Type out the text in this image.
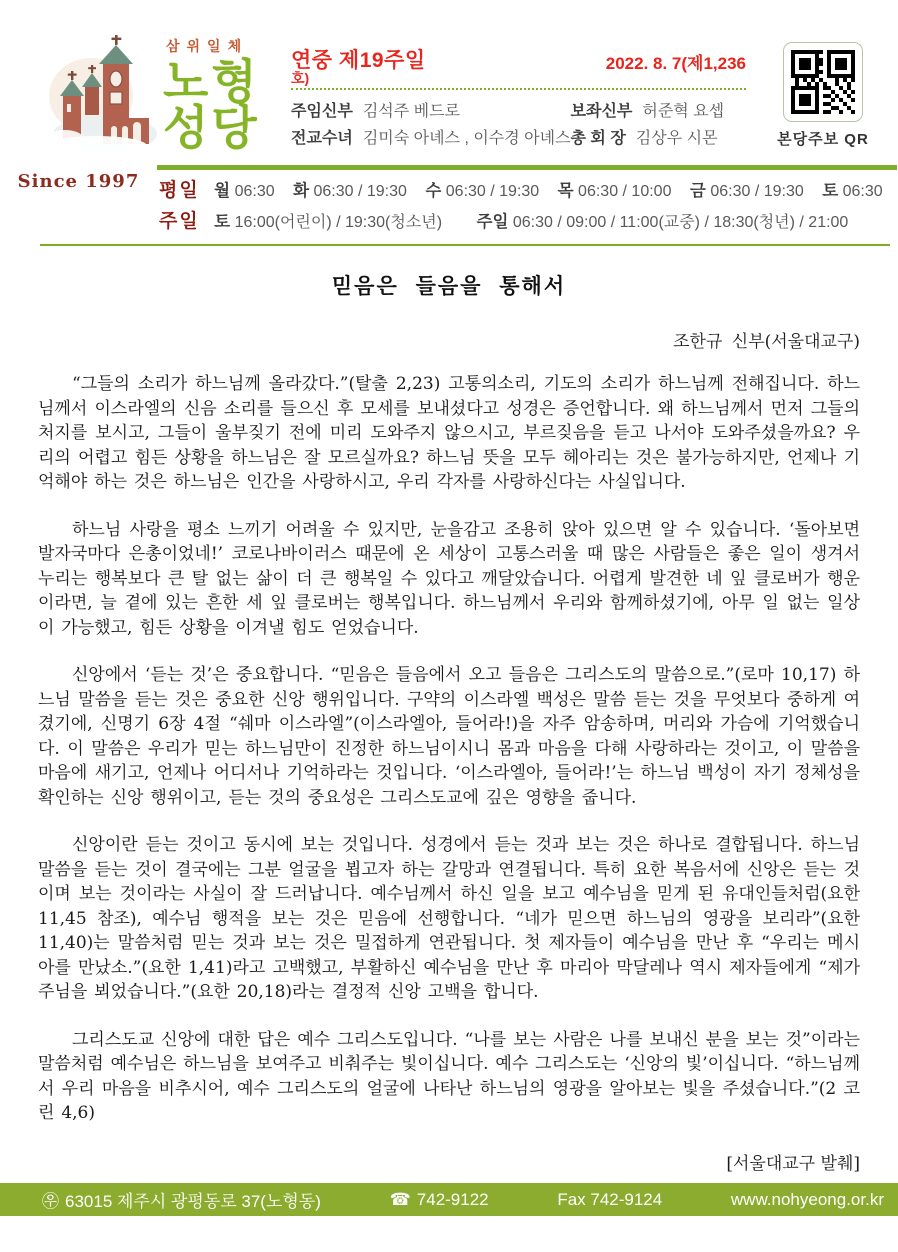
삼위일체
노형
성당
연중 제19주일	2022. 8. 7(제1,236
호)
주임신부 김석주 베드로	보좌신부 허준혁 요셉
전교수녀 김미숙 아녜스 , 이수경 아녜스 총 회 장 김상우 시몬	본당주보 QR
Since 1997	평일 월 06:30 화 06:30 / 19:30 수 06:30 / 19:30 목 06:30 / 10:00 금 06:30 / 19:30 토 06:30
주일 토 16:00(어린이) / 19:30(청소년) 주일 06:30 / 09:00 / 11:00(교중) / 18:30(청년) / 21:00
믿음은 들음을 통해서
조한규 신부(서울대교구)

“그들의 소리가 하느님께 올라갔다.”(탈출 2,23) 고통의소리, 기도의 소리가 하느님께 전해집니다. 하느님께서 이스라엘의 신음 소리를 들으신 후 모세를 보내셨다고 성경은 증언합니다. 왜 하느님께서 먼저 그들의 처지를 보시고, 그들이 울부짖기 전에 미리 도와주지 않으시고, 부르짖음을 듣고 나서야 도와주셨을까요? 우리의 어렵고 힘든 상황을 하느님은 잘 모르실까요? 하느님 뜻을 모두 헤아리는 것은 불가능하지만, 언제나 기억해야 하는 것은 하느님은 인간을 사랑하시고, 우리 각자를 사랑하신다는 사실입니다.

하느님 사랑을 평소 느끼기 어려울 수 있지만, 눈을감고 조용히 앉아 있으면 알 수 있습니다. ‘돌아보면 발자국마다 은총이었네!’ 코로나바이러스 때문에 온 세상이 고통스러울 때 많은 사람들은 좋은 일이 생겨서 누리는 행복보다 큰 탈 없는 삶이 더 큰 행복일 수 있다고 깨달았습니다. 어렵게 발견한 네 잎 클로버가 행운이라면, 늘 곁에 있는 흔한 세 잎 클로버는 행복입니다. 하느님께서 우리와 함께하셨기에, 아무 일 없는 일상이 가능했고, 힘든 상황을 이겨낼 힘도 얻었습니다.

신앙에서 ‘듣는 것’은 중요합니다. “믿음은 들음에서 오고 들음은 그리스도의 말씀으로.”(로마 10,17) 하느님 말씀을 듣는 것은 중요한 신앙 행위입니다. 구약의 이스라엘 백성은 말씀 듣는 것을 무엇보다 중하게 여겼기에, 신명기 6장 4절 “쉐마 이스라엘”(이스라엘아, 들어라!)을 자주 암송하며, 머리와 가슴에 기억했습니다. 이 말씀은 우리가 믿는 하느님만이 진정한 하느님이시니 몸과 마음을 다해 사랑하라는 것이고, 이 말씀을 마음에 새기고, 언제나 어디서나 기억하라는 것입니다. ‘이스라엘아, 들어라!’는 하느님 백성이 자기 정체성을 확인하는 신앙 행위이고, 듣는 것의 중요성은 그리스도교에 깊은 영향을 줍니다.

신앙이란 듣는 것이고 동시에 보는 것입니다. 성경에서 듣는 것과 보는 것은 하나로 결합됩니다. 하느님 말씀을 듣는 것이 결국에는 그분 얼굴을 뵙고자 하는 갈망과 연결됩니다. 특히 요한 복음서에 신앙은 듣는 것이며 보는 것이라는 사실이 잘 드러납니다. 예수님께서 하신 일을 보고 예수님을 믿게 된 유대인들처럼(요한 11,45 참조), 예수님 행적을 보는 것은 믿음에 선행합니다. “네가 믿으면 하느님의 영광을 보리라”(요한 11,40)는 말씀처럼 믿는 것과 보는 것은 밀접하게 연관됩니다. 첫 제자들이 예수님을 만난 후 “우리는 메시아를 만났소.”(요한 1,41)라고 고백했고, 부활하신 예수님을 만난 후 마리아 막달레나 역시 제자들에게 “제가 주님을 뵈었습니다.”(요한 20,18)라는 결정적 신앙 고백을 합니다.

그리스도교 신앙에 대한 답은 예수 그리스도입니다. “나를 보는 사람은 나를 보내신 분을 보는 것”이라는 말씀처럼 예수님은 하느님을 보여주고 비춰주는 빛이십니다. 예수 그리스도는 ‘신앙의 빛’이십니다. “하느님께서 우리 마음을 비추시어, 예수 그리스도의 얼굴에 나타난 하느님의 영광을 알아보는 빛을 주셨습니다.”(2 코린 4,6)

[서울대교구 발췌]
㉾ 63015 제주시 광평동로 37(노형동)	☎ 742-9122	Fax 742-9124	www.nohyeong.or.kr
